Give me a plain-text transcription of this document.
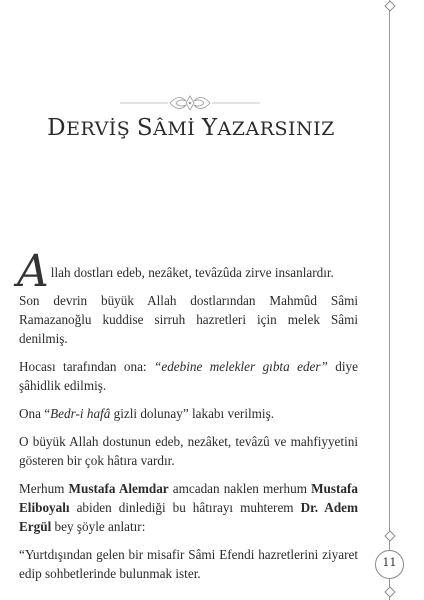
11
DERVİŞ SÂMİ YAZARSINIZ

Allah dostları edeb, nezâket, tevâzûda zirve insanlardır.

Son devrin büyük Allah dostlarından Mahmûd Sâmi Ramazanoğlu kuddise sirruh hazretleri için melek Sâmi denilmiş.

Hocası tarafından ona: “edebine melekler gıbta eder” diye şâhidlik edilmiş.

Ona “Bedr-i hafâ gizli dolunay” lakabı verilmiş.

O büyük Allah dostunun edeb, nezâket, tevâzû ve mahfiyyetini gösteren bir çok hâtıra vardır.

Merhum Mustafa Alemdar amcadan naklen merhum Mustafa Eliboyalı abiden dinlediği bu hâtırayı muhterem Dr. Adem Ergül bey şöyle anlatır:

“Yurtdışından gelen bir misafir Sâmi Efendi hazretlerini ziyaret edip sohbetlerinde bulunmak ister.
